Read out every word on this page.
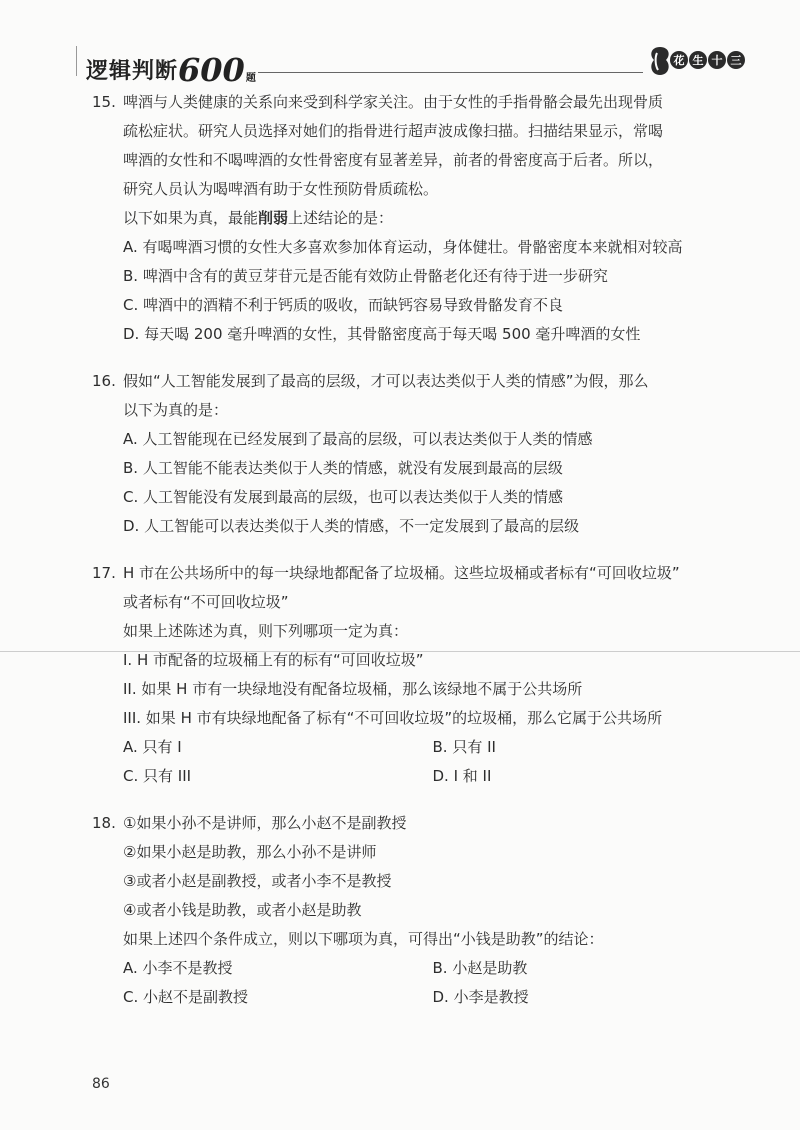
逻辑判断600题
花 生 十 三
15. 啤酒与人类健康的关系向来受到科学家关注。由于女性的手指骨骼会最先出现骨质
疏松症状。研究人员选择对她们的指骨进行超声波成像扫描。扫描结果显示，常喝
啤酒的女性和不喝啤酒的女性骨密度有显著差异，前者的骨密度高于后者。所以，
研究人员认为喝啤酒有助于女性预防骨质疏松。
以下如果为真，最能削弱上述结论的是：
A. 有喝啤酒习惯的女性大多喜欢参加体育运动，身体健壮。骨骼密度本来就相对较高
B. 啤酒中含有的黄豆芽苷元是否能有效防止骨骼老化还有待于进一步研究
C. 啤酒中的酒精不利于钙质的吸收，而缺钙容易导致骨骼发育不良
D. 每天喝 200 毫升啤酒的女性，其骨骼密度高于每天喝 500 毫升啤酒的女性
16. 假如“人工智能发展到了最高的层级，才可以表达类似于人类的情感”为假，那么
以下为真的是：
A. 人工智能现在已经发展到了最高的层级，可以表达类似于人类的情感
B. 人工智能不能表达类似于人类的情感，就没有发展到最高的层级
C. 人工智能没有发展到最高的层级，也可以表达类似于人类的情感
D. 人工智能可以表达类似于人类的情感，不一定发展到了最高的层级
17. H 市在公共场所中的每一块绿地都配备了垃圾桶。这些垃圾桶或者标有“可回收垃圾”
或者标有“不可回收垃圾”
如果上述陈述为真，则下列哪项一定为真：
I. H 市配备的垃圾桶上有的标有“可回收垃圾”
II. 如果 H 市有一块绿地没有配备垃圾桶，那么该绿地不属于公共场所
III. 如果 H 市有块绿地配备了标有“不可回收垃圾”的垃圾桶，那么它属于公共场所
A. 只有 I	B. 只有 II
C. 只有 III	D. I 和 II
18. ①如果小孙不是讲师，那么小赵不是副教授
②如果小赵是助教，那么小孙不是讲师
③或者小赵是副教授，或者小李不是教授
④或者小钱是助教，或者小赵是助教
如果上述四个条件成立，则以下哪项为真，可得出“小钱是助教”的结论：
A. 小李不是教授	B. 小赵是助教
C. 小赵不是副教授	D. 小李是教授
86
